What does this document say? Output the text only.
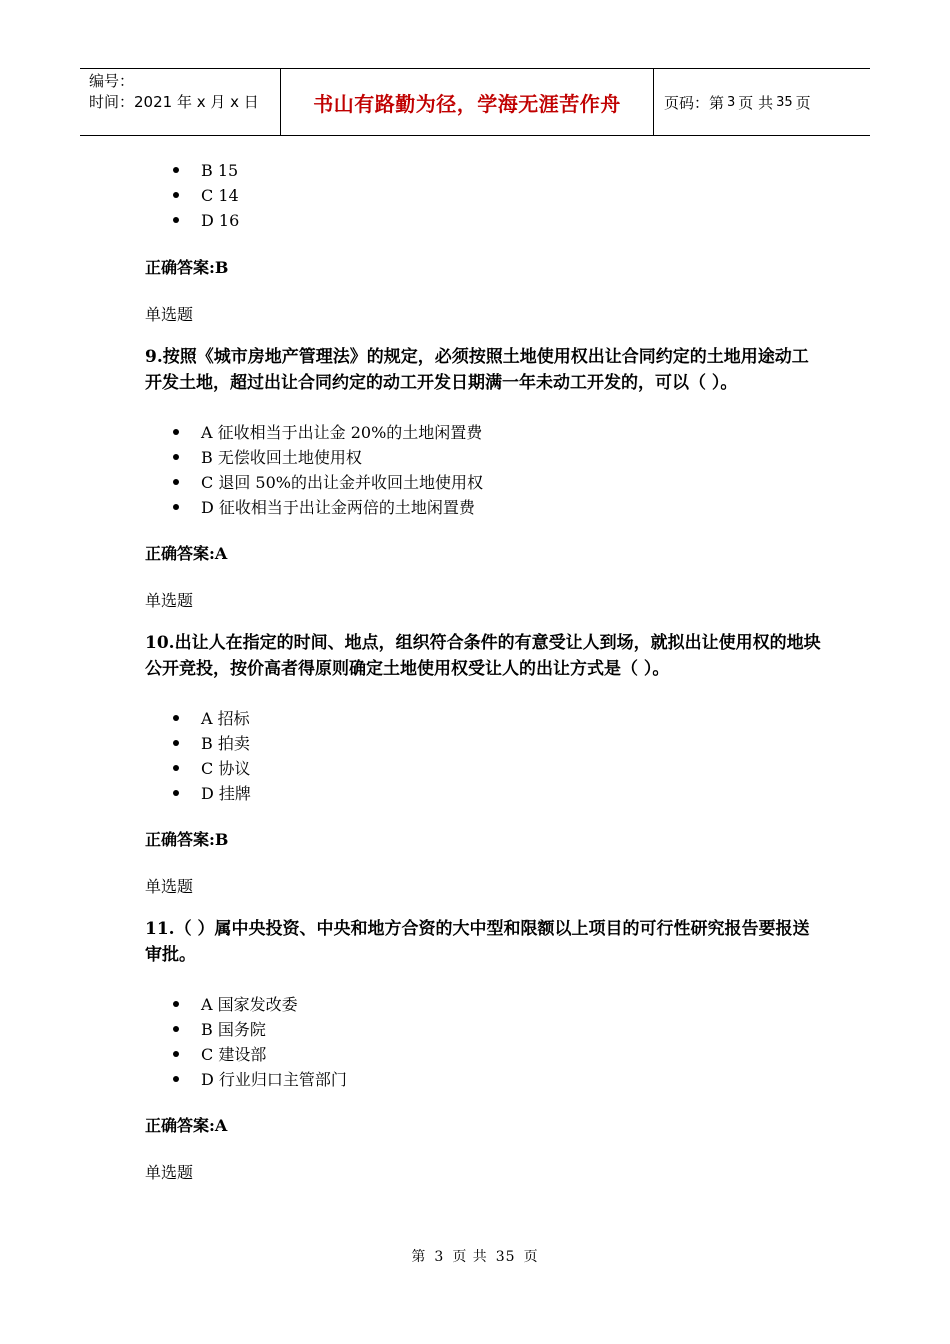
编号：
时间：2021 年 x 月 x 日	书山有路勤为径，学海无涯苦作舟	页码：第 3 页 共 35 页
B 15
C 14
D 16
正确答案:B
单选题
9.按照《城市房地产管理法》的规定，必须按照土地使用权出让合同约定的土地用途动工开发土地，超过出让合同约定的动工开发日期满一年未动工开发的，可以（ ）。
A 征收相当于出让金 20%的土地闲置费
B 无偿收回土地使用权
C 退回 50%的出让金并收回土地使用权
D 征收相当于出让金两倍的土地闲置费
正确答案:A
单选题
10.出让人在指定的时间、地点，组织符合条件的有意受让人到场，就拟出让使用权的地块公开竞投，按价高者得原则确定土地使用权受让人的出让方式是（ ）。
A 招标
B 拍卖
C 协议
D 挂牌
正确答案:B
单选题
11.（ ）属中央投资、中央和地方合资的大中型和限额以上项目的可行性研究报告要报送审批。
A 国家发改委
B 国务院
C 建设部
D 行业归口主管部门
正确答案:A
单选题
第 3 页 共 35 页
